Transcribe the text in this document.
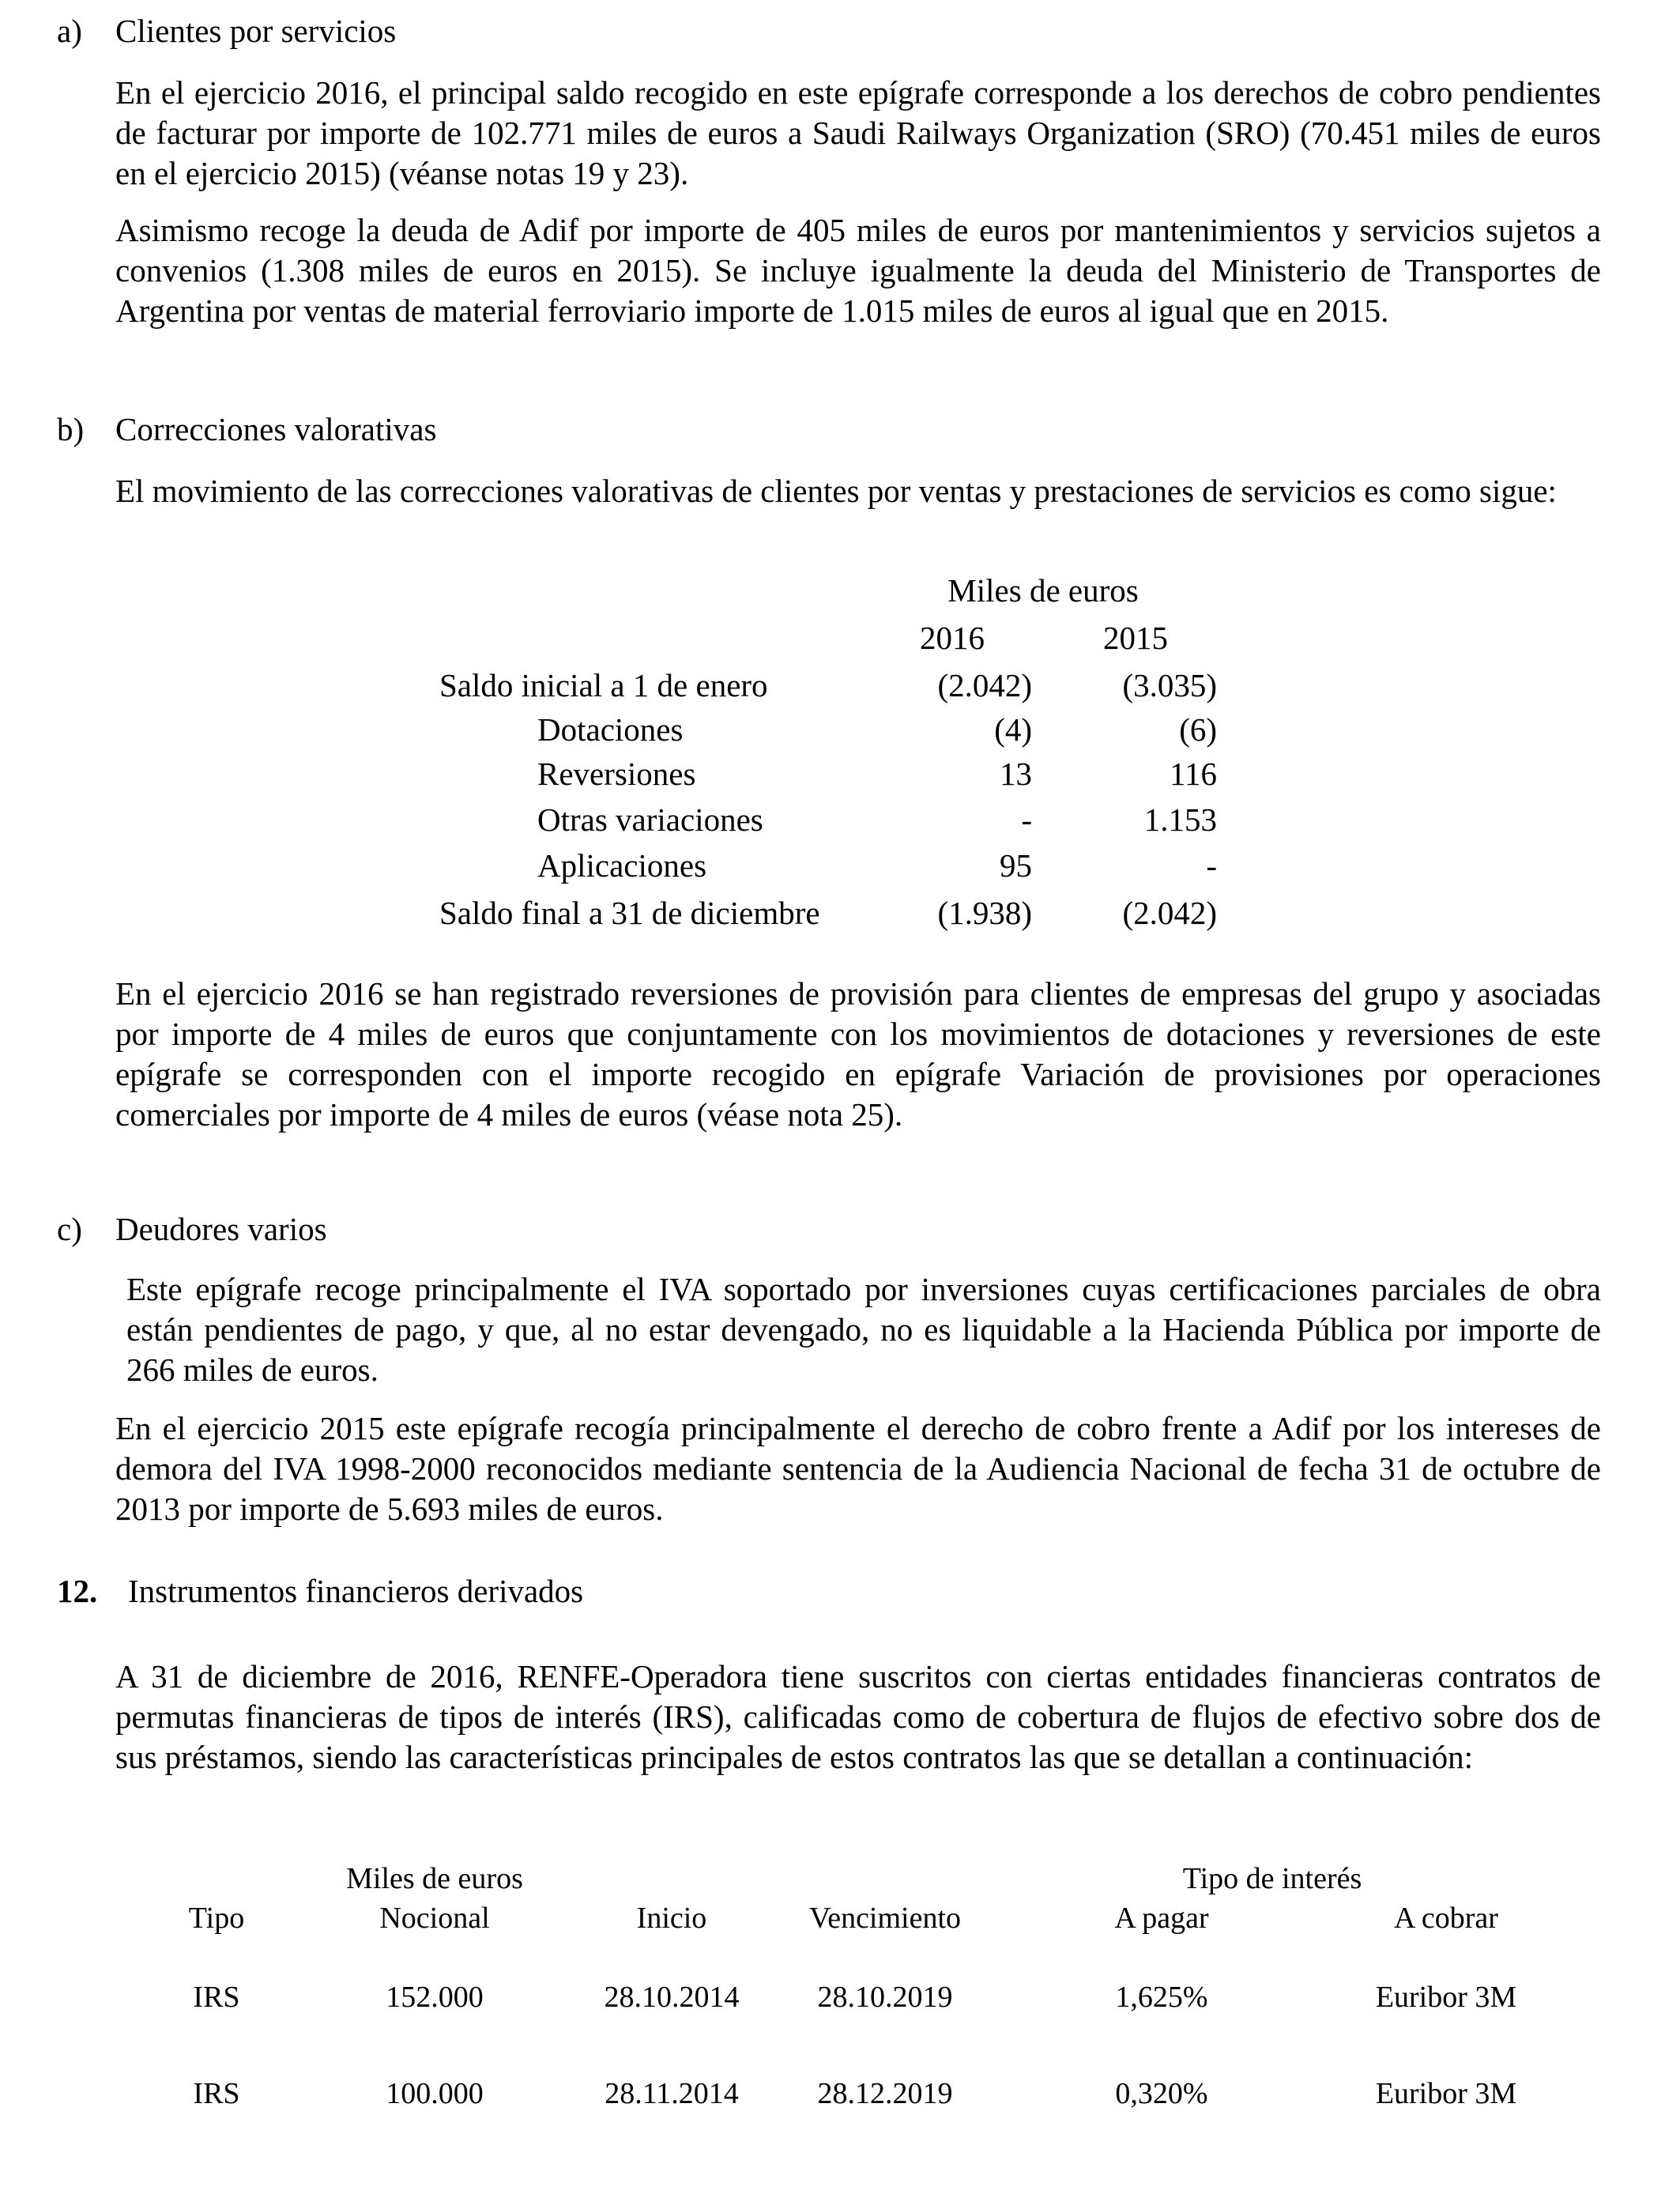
a) Clientes por servicios
En el ejercicio 2016, el principal saldo recogido en este epígrafe corresponde a los derechos de cobro pendientes de facturar por importe de 102.771 miles de euros a Saudi Railways Organization (SRO) (70.451 miles de euros en el ejercicio 2015) (véanse notas 19 y 23).
Asimismo recoge la deuda de Adif por importe de 405 miles de euros por mantenimientos y servicios sujetos a convenios (1.308 miles de euros en 2015). Se incluye igualmente la deuda del Ministerio de Transportes de Argentina por ventas de material ferroviario importe de 1.015 miles de euros al igual que en 2015.
b) Correcciones valorativas
El movimiento de las correcciones valorativas de clientes por ventas y prestaciones de servicios es como sigue:
Miles de euros
2016	2015
Saldo inicial a 1 de enero	(2.042)	(3.035)
Dotaciones	(4)	(6)
Reversiones	13	116
Otras variaciones	-	1.153
Aplicaciones	95	-
Saldo final a 31 de diciembre	(1.938)	(2.042)
En el ejercicio 2016 se han registrado reversiones de provisión para clientes de empresas del grupo y asociadas por importe de 4 miles de euros que conjuntamente con los movimientos de dotaciones y reversiones de este epígrafe se corresponden con el importe recogido en epígrafe Variación de provisiones por operaciones comerciales por importe de 4 miles de euros (véase nota 25).
c) Deudores varios
Este epígrafe recoge principalmente el IVA soportado por inversiones cuyas certificaciones parciales de obra están pendientes de pago, y que, al no estar devengado, no es liquidable a la Hacienda Pública por importe de 266 miles de euros.
En el ejercicio 2015 este epígrafe recogía principalmente el derecho de cobro frente a Adif por los intereses de demora del IVA 1998-2000 reconocidos mediante sentencia de la Audiencia Nacional de fecha 31 de octubre de 2013 por importe de 5.693 miles de euros.
12. Instrumentos financieros derivados
A 31 de diciembre de 2016, RENFE-Operadora tiene suscritos con ciertas entidades financieras contratos de permutas financieras de tipos de interés (IRS), calificadas como de cobertura de flujos de efectivo sobre dos de sus préstamos, siendo las características principales de estos contratos las que se detallan a continuación:
Miles de euros	Tipo de interés
Tipo	Nocional	Inicio	Vencimiento	A pagar	A cobrar
IRS	152.000	28.10.2014	28.10.2019	1,625%	Euribor 3M
IRS	100.000	28.11.2014	28.12.2019	0,320%	Euribor 3M
